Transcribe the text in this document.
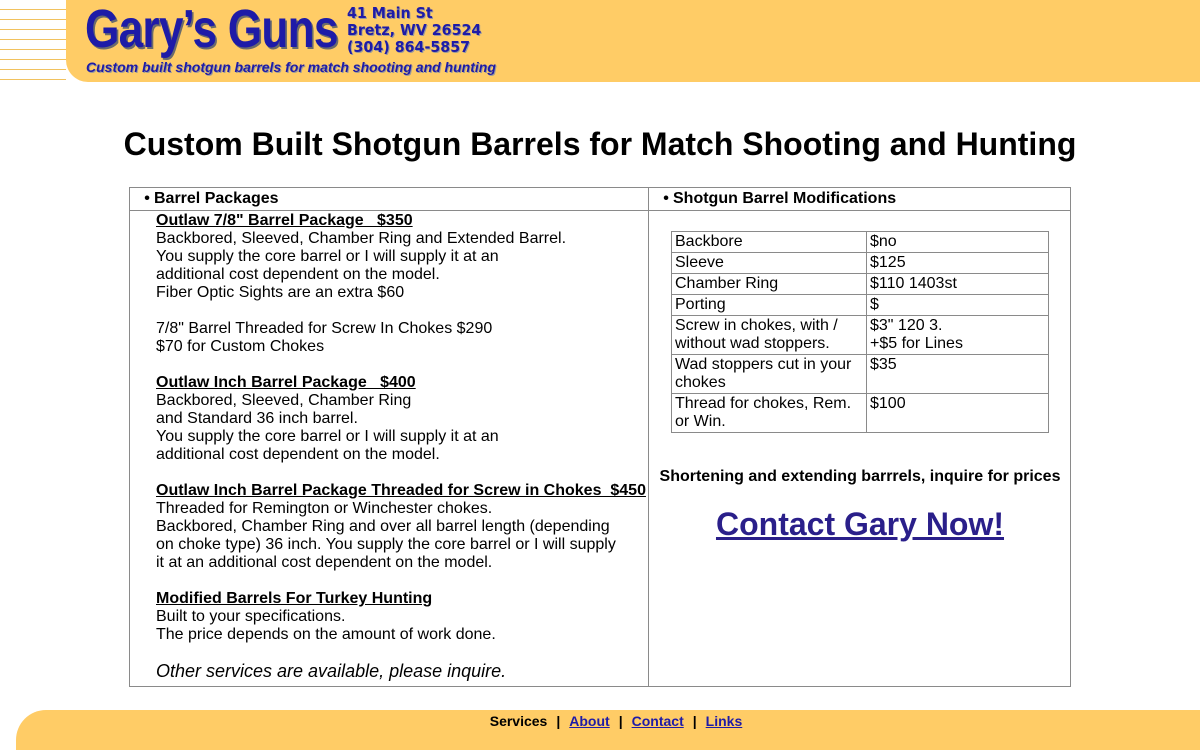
Gary’s Guns 41 Main St
Bretz, WV 26524
(304) 864-5857
Custom built shotgun barrels for match shooting and hunting
Custom Built Shotgun Barrels for Match Shooting and Hunting
• Barrel Packages	• Shotgun Barrel Modifications
Outlaw 7/8" Barrel Package   $350
Backbored, Sleeved, Chamber Ring and Extended Barrel.
You supply the core barrel or I will supply it at an
additional cost dependent on the model.
Fiber Optic Sights are an extra $60

7/8" Barrel Threaded for Screw In Chokes $290
$70 for Custom Chokes
Outlaw Inch Barrel Package   $400
Backbored, Sleeved, Chamber Ring
and Standard 36 inch barrel.
You supply the core barrel or I will supply it at an
additional cost dependent on the model.
Outlaw Inch Barrel Package Threaded for Screw in Chokes  $450
Threaded for Remington or Winchester chokes.
Backbored, Chamber Ring and over all barrel length (depending
on choke type) 36 inch. You supply the core barrel or I will supply
it at an additional cost dependent on the model.
Modified Barrels For Turkey Hunting
Built to your specifications.
The price depends on the amount of work done.
Other services are available, please inquire.
Backbore	$no
Sleeve	$125
Chamber Ring	$110 1403st
Porting	$
Screw in chokes, with /
without wad stoppers.	$3" 120 3.
+$5 for Lines
Wad stoppers cut in your
chokes	$35
Thread for chokes, Rem.
or Win.	$100
Shortening and extending barrrels, inquire for prices
Contact Gary Now!
Services | About | Contact | Links
